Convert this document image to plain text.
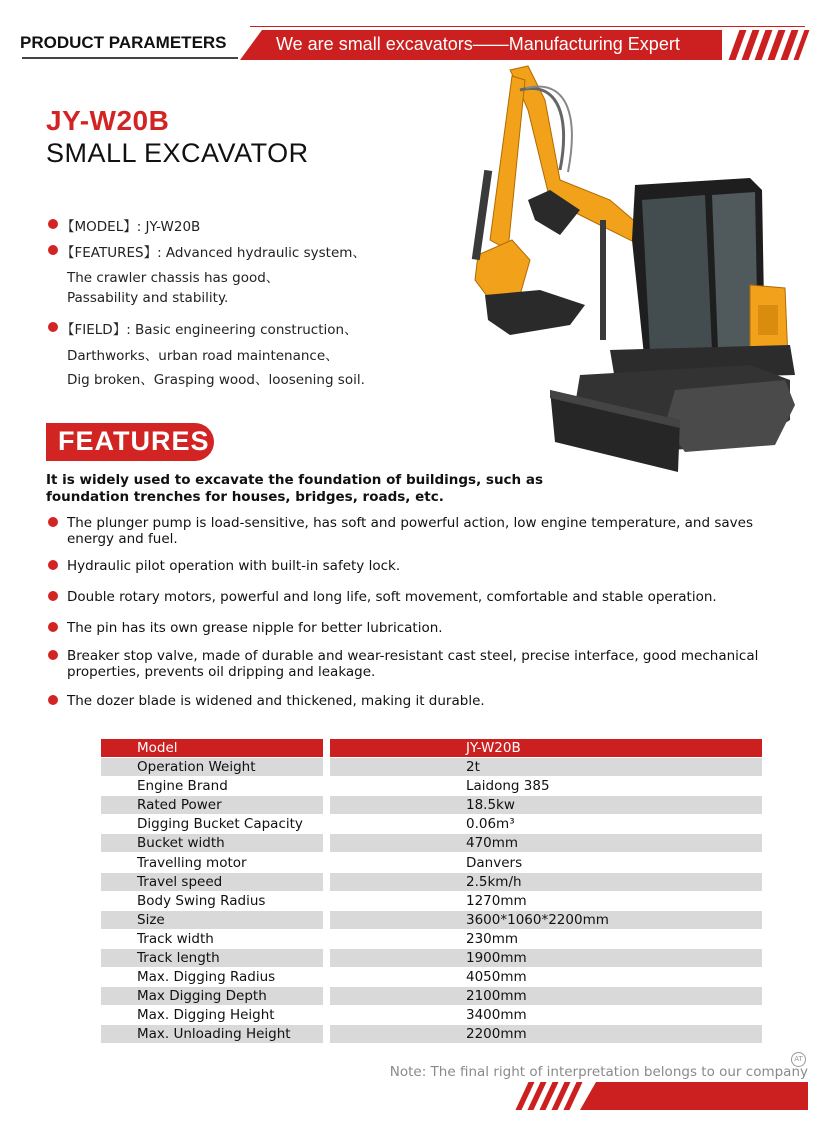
PRODUCT PARAMETERS	We are small excavators——Manufacturing Expert
JY-W20B
SMALL EXCAVATOR
【MODEL】: JY-W20B
【FEATURES】: Advanced hydraulic system、
The crawler chassis has good、
Passability and stability.
【FIELD】: Basic engineering construction、
Darthworks、urban road maintenance、
Dig broken、Grasping wood、loosening soil.
FEATURES
It is widely used to excavate the foundation of buildings, such as foundation trenches for houses, bridges, roads, etc.
The plunger pump is load-sensitive, has soft and powerful action, low engine temperature, and saves energy and fuel.
Hydraulic pilot operation with built-in safety lock.
Double rotary motors, powerful and long life, soft movement, comfortable and stable operation.
The pin has its own grease nipple for better lubrication.
Breaker stop valve, made of durable and wear-resistant cast steel, precise interface, good mechanical properties, prevents oil dripping and leakage.
The dozer blade is widened and thickened, making it durable.
Model	JY-W20B
Operation Weight	2t
Engine Brand	Laidong 385
Rated Power	18.5kw
Digging Bucket Capacity	0.06m³
Bucket width	470mm
Travelling motor	Danvers
Travel speed	2.5km/h
Body Swing Radius	1270mm
Size	3600*1060*2200mm
Track width	230mm
Track length	1900mm
Max. Digging Radius	4050mm
Max Digging Depth	2100mm
Max. Digging Height	3400mm
Max. Unloading Height	2200mm
AT
Note: The final right of interpretation belongs to our company
